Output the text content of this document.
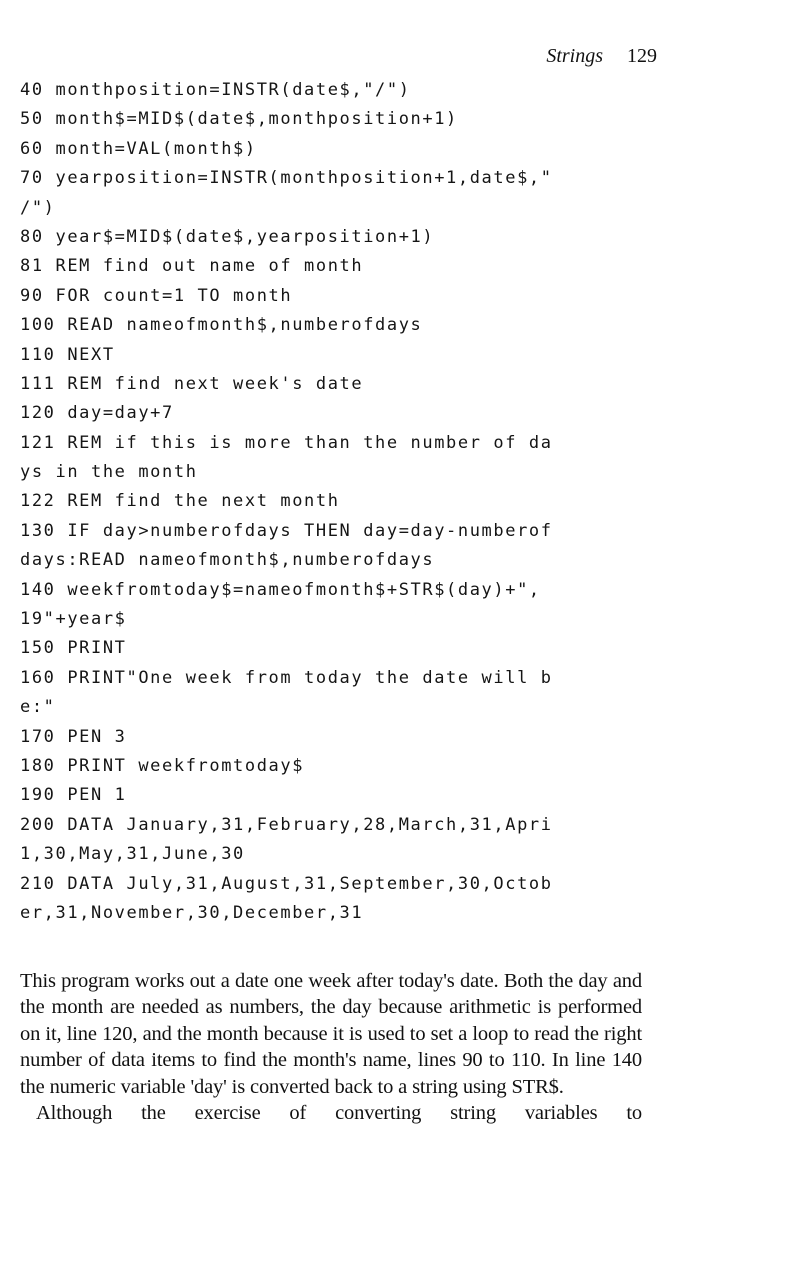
Strings 129
40 monthposition=INSTR(date$,"/")
50 month$=MID$(date$,monthposition+1)
60 month=VAL(month$)
70 yearposition=INSTR(monthposition+1,date$,"
/")
80 year$=MID$(date$,yearposition+1)
81 REM find out name of month
90 FOR count=1 TO month
100 READ nameofmonth$,numberofdays
110 NEXT
111 REM find next week's date
120 day=day+7
121 REM if this is more than the number of da
ys in the month
122 REM find the next month
130 IF day>numberofdays THEN day=day-numberof
days:READ nameofmonth$,numberofdays
140 weekfromtoday$=nameofmonth$+STR$(day)+",
19"+year$
150 PRINT
160 PRINT"One week from today the date will b
e:"
170 PEN 3
180 PRINT weekfromtoday$
190 PEN 1
200 DATA January,31,February,28,March,31,Apri
1,30,May,31,June,30
210 DATA July,31,August,31,September,30,Octob
er,31,November,30,December,31

This program works out a date one week after today's date. Both the day and the month are needed as numbers, the day because arithmetic is performed on it, line 120, and the month because it is used to set a loop to read the right number of data items to find the month's name, lines 90 to 110. In line 140 the numeric variable 'day' is converted back to a string using STR$.

Although the exercise of converting string variables to
